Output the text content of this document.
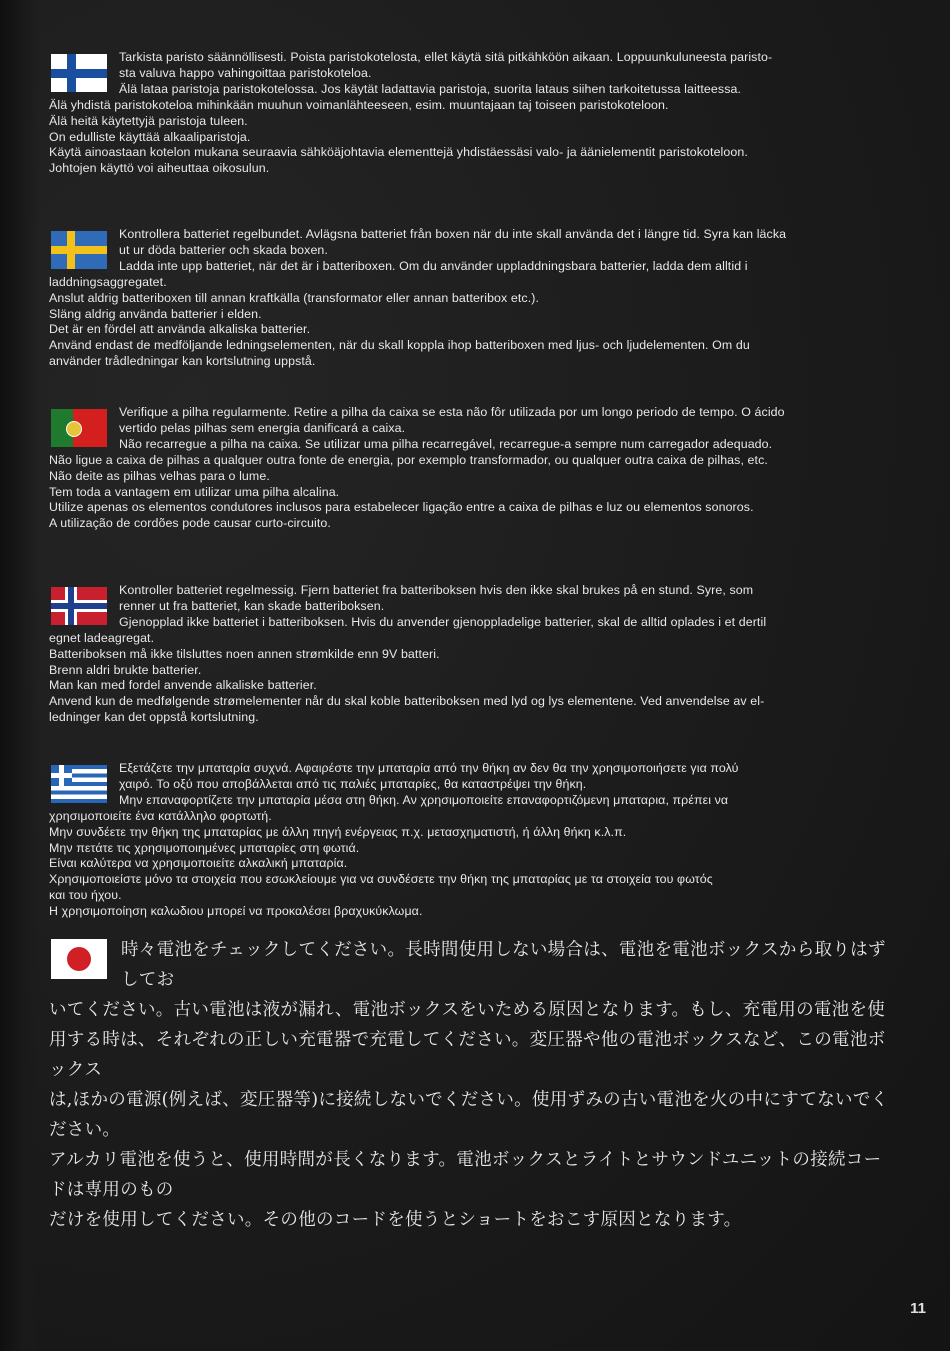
Tarkista paristo säännöllisesti. Poista paristokotelosta, ellet käytä sitä pitkähköön aikaan. Loppuunkuluneesta paristo-

sta valuva happo vahingoittaa paristokoteloa.

Älä lataa paristoja paristokotelossa. Jos käytät ladattavia paristoja, suorita lataus siihen tarkoitetussa laitteessa.

Älä yhdistä paristokoteloa mihinkään muuhun voimanlähteeseen, esim. muuntajaan taj toiseen paristokoteloon.

Älä heitä käytettyjä paristoja tuleen.

On edulliste käyttää alkaaliparistoja.

Käytä ainoastaan kotelon mukana seuraavia sähköäjohtavia elementtejä yhdistäessäsi valo- ja äänielementit paristokoteloon.

Johtojen käyttö voi aiheuttaa oikosulun.

Kontrollera batteriet regelbundet. Avlägsna batteriet från boxen när du inte skall använda det i längre tid. Syra kan läcka

ut ur döda batterier och skada boxen.

Ladda inte upp batteriet, när det är i batteriboxen. Om du använder uppladdningsbara batterier, ladda dem alltid i

laddningsaggregatet.

Anslut aldrig batteriboxen till annan kraftkälla (transformator eller annan batteribox etc.).

Släng aldrig använda batterier i elden.

Det är en fördel att använda alkaliska batterier.

Använd endast de medföljande ledningselementen, när du skall koppla ihop batteriboxen med ljus- och ljudelementen. Om du

använder trådledningar kan kortslutning uppstå.

Verifique a pilha regularmente. Retire a pilha da caixa se esta não fôr utilizada por um longo periodo de tempo. O ácido

vertido pelas pilhas sem energia danificará a caixa.

Não recarregue a pilha na caixa. Se utilizar uma pilha recarregável, recarregue-a sempre num carregador adequado.

Não ligue a caixa de pilhas a qualquer outra fonte de energia, por exemplo transformador, ou qualquer outra caixa de pilhas, etc.

Não deite as pilhas velhas para o lume.

Tem toda a vantagem em utilizar uma pilha alcalina.

Utilize apenas os elementos condutores inclusos para estabelecer ligação entre a caixa de pilhas e luz ou elementos sonoros.

A utilização de cordões pode causar curto-circuito.

Kontroller batteriet regelmessig. Fjern batteriet fra batteriboksen hvis den ikke skal brukes på en stund. Syre, som

renner ut fra batteriet, kan skade batteriboksen.

Gjenopplad ikke batteriet i batteriboksen. Hvis du anvender gjenoppladelige batterier, skal de alltid oplades i et dertil

egnet ladeagregat.

Batteriboksen må ikke tilsluttes noen annen strømkilde enn 9V batteri.

Brenn aldri brukte batterier.

Man kan med fordel anvende alkaliske batterier.

Anvend kun de medfølgende strømelementer når du skal koble batteriboksen med lyd og lys elementene. Ved anvendelse av el-

ledninger kan det oppstå kortslutning.

Εξετάζετε την μπαταρία συχνά. Αφαιρέστε την μπαταρία από την θήκη αν δεν θα την χρησιμοποιήσετε για πολύ

χαιρό. Το οξύ που αποβάλλεται από τις παλιές μπαταρίες, θα καταστρέψει την θήκη.

Μην επαναφορτίζετε την μπαταρία μέσα στη θήκη. Αν χρησιμοποιείτε επαναφορτιζόμενη μπαταρια, πρέπει να

χρησιμοποιείτε ένα κατάλληλο φορτωτή.

Μην συνδέετε την θήκη της μπαταρίας με άλλη πηγή ενέργειας π.χ. μετασχηματιστή, ή άλλη θήκη κ.λ.π.

Μην πετάτε τις χρησιμοποιημένες μπαταρίες στη φωτιά.

Είναι καλύτερα να χρησιμοποιείτε αλκαλική μπαταρία.

Χρησιμοποιείστε μόνο τα στοιχεία που εσωκλείουμε για να συνδέσετε την θήκη της μπαταρίας με τα στοιχεία του φωτός

και του ήχου.

Η χρησιμοποίηση καλωδιου μπορεί να προκαλέσει βραχυκύκλωμα.

時々電池をチェックしてください。長時間使用しない場合は、電池を電池ボックスから取りはずしてお

いてください。古い電池は液が漏れ、電池ボックスをいためる原因となります。もし、充電用の電池を使

用する時は、それぞれの正しい充電器で充電してください。変圧器や他の電池ボックスなど、この電池ボックス

は,ほかの電源(例えば、変圧器等)に接続しないでください。使用ずみの古い電池を火の中にすてないでください。

アルカリ電池を使うと、使用時間が長くなります。電池ボックスとライトとサウンドユニットの接続コードは専用のもの

だけを使用してください。その他のコードを使うとショートをおこす原因となります。

11
